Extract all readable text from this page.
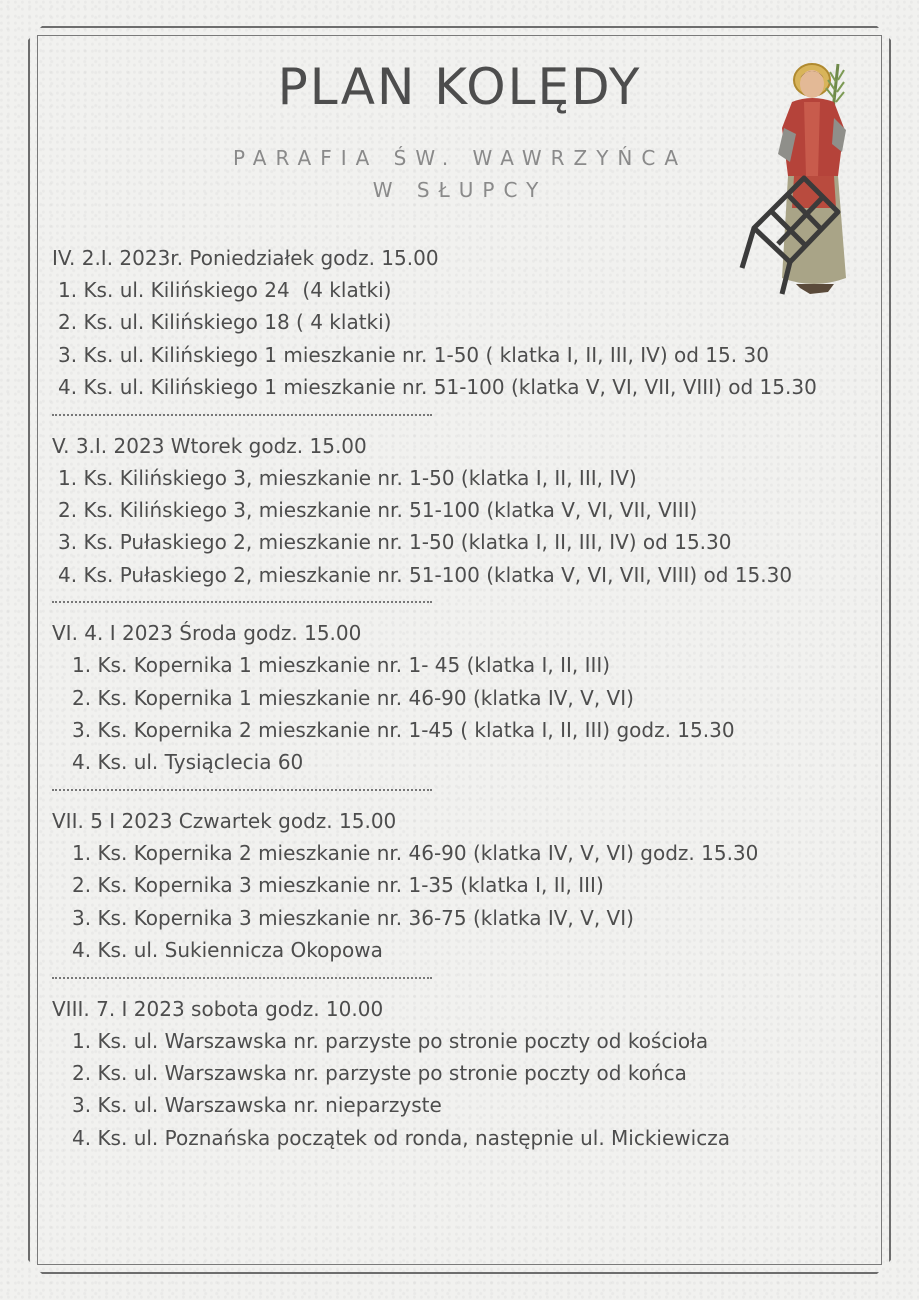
PLAN KOLĘDY
PARAFIA ŚW. WAWRZYŃCA
W SŁUPCY
IV. 2.I. 2023r. Poniedziałek godz. 15.00
1. Ks. ul. Kilińskiego 24  (4 klatki)
2. Ks. ul. Kilińskiego 18 ( 4 klatki)
3. Ks. ul. Kilińskiego 1 mieszkanie nr. 1-50 ( klatka I, II, III, IV) od 15. 30
4. Ks. ul. Kilińskiego 1 mieszkanie nr. 51-100 (klatka V, VI, VII, VIII) od 15.30
V. 3.I. 2023 Wtorek godz. 15.00
1. Ks. Kilińskiego 3, mieszkanie nr. 1-50 (klatka I, II, III, IV)
2. Ks. Kilińskiego 3, mieszkanie nr. 51-100 (klatka V, VI, VII, VIII)
3. Ks. Pułaskiego 2, mieszkanie nr. 1-50 (klatka I, II, III, IV) od 15.30
4. Ks. Pułaskiego 2, mieszkanie nr. 51-100 (klatka V, VI, VII, VIII) od 15.30
VI. 4. I 2023 Środa godz. 15.00
1. Ks. Kopernika 1 mieszkanie nr. 1- 45 (klatka I, II, III)
2. Ks. Kopernika 1 mieszkanie nr. 46-90 (klatka IV, V, VI)
3. Ks. Kopernika 2 mieszkanie nr. 1-45 ( klatka I, II, III) godz. 15.30
4. Ks. ul. Tysiąclecia 60
VII. 5 I 2023 Czwartek godz. 15.00
1. Ks. Kopernika 2 mieszkanie nr. 46-90 (klatka IV, V, VI) godz. 15.30
2. Ks. Kopernika 3 mieszkanie nr. 1-35 (klatka I, II, III)
3. Ks. Kopernika 3 mieszkanie nr. 36-75 (klatka IV, V, VI)
4. Ks. ul. Sukiennicza Okopowa
VIII. 7. I 2023 sobota godz. 10.00
1. Ks. ul. Warszawska nr. parzyste po stronie poczty od kościoła
2. Ks. ul. Warszawska nr. parzyste po stronie poczty od końca
3. Ks. ul. Warszawska nr. nieparzyste
4. Ks. ul. Poznańska początek od ronda, następnie ul. Mickiewicza
